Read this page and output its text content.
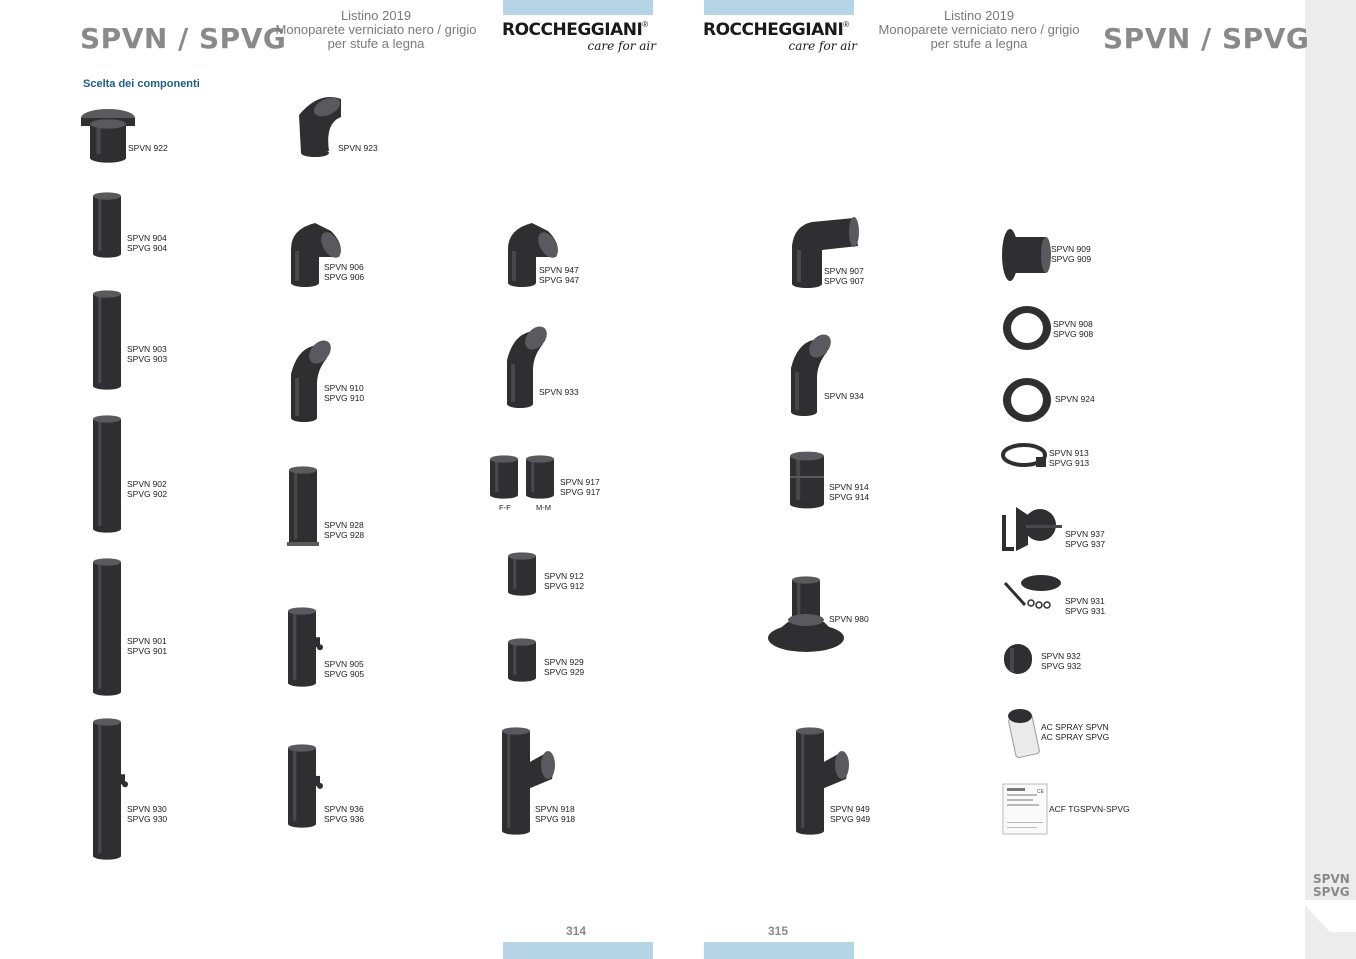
SPVN / SPVG
Listino 2019
Monoparete verniciato nero / grigio
per stufe a legna
ROCCHEGGIANI®
care for air
ROCCHEGGIANI®
care for air
Listino 2019
Monoparete verniciato nero / grigio
per stufe a legna	SPVN / SPVG
Scelta dei componenti
SPVN 922	SPVN 923
SPVN 904
SPVG 904
SPVN 906
SPVG 906
SPVN 947
SPVG 947
SPVN 907
SPVG 907
SPVN 909
SPVG 909
SPVN 903
SPVG 903
SPVN 910
SPVG 910
SPVN 933	SPVN 934
SPVN 908
SPVG 908
SPVN 924
SPVN 913
SPVG 913
SPVN 902
SPVG 902
SPVN 928
SPVG 928
SPVN 917
SPVG 917
F-F	M-M
SPVN 914
SPVG 914
SPVN 937
SPVG 937
SPVN 912
SPVG 912
SPVN 931
SPVG 931
SPVN 980
SPVN 901
SPVG 901
SPVN 905
SPVG 905
SPVN 929
SPVG 929
SPVN 932
SPVG 932
AC SPRAY SPVN
AC SPRAY SPVG
SPVN 930
SPVG 930
SPVN 936
SPVG 936
SPVN 918
SPVG 918
SPVN 949
SPVG 949
CE
ACF TGSPVN-SPVG
314	315
SPVN
SPVG
